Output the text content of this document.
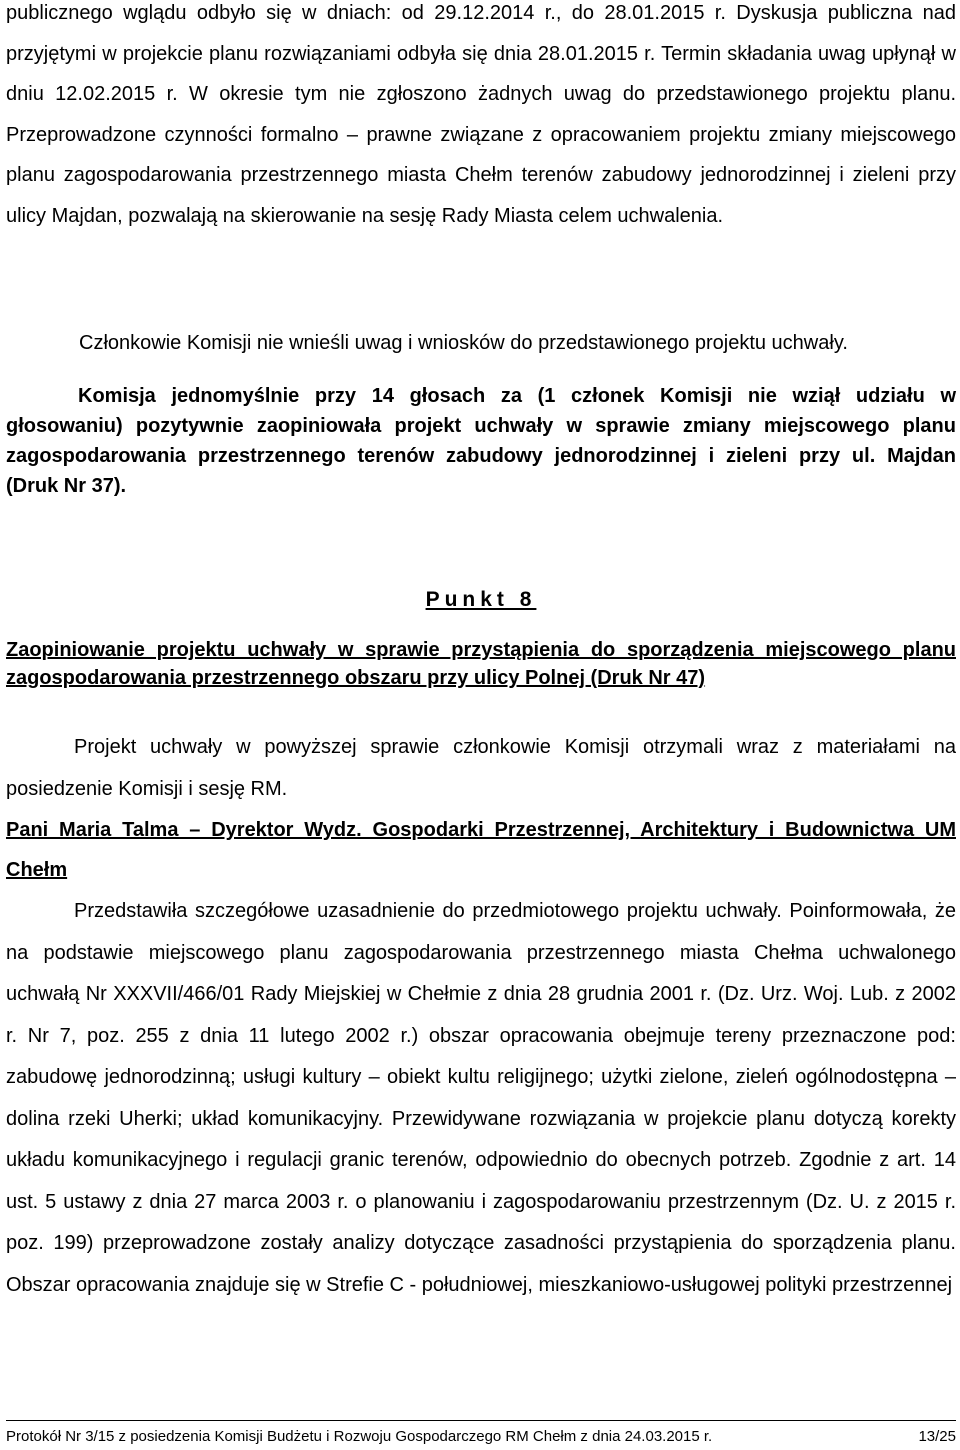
publicznego wglądu odbyło się w dniach: od 29.12.2014 r., do 28.01.2015 r. Dyskusja publiczna nad przyjętymi w projekcie planu rozwiązaniami odbyła się dnia 28.01.2015 r. Termin składania uwag upłynął w dniu 12.02.2015 r. W okresie tym nie zgłoszono żadnych uwag do przedstawionego projektu planu. Przeprowadzone czynności formalno – prawne związane z opracowaniem projektu zmiany miejscowego planu zagospodarowania przestrzennego miasta Chełm terenów zabudowy jednorodzinnej i zieleni przy ulicy Majdan, pozwalają na skierowanie na sesję Rady Miasta celem uchwalenia.

Członkowie Komisji nie wnieśli uwag i wniosków do przedstawionego projektu uchwały.

Komisja jednomyślnie przy 14 głosach za (1 członek Komisji nie wziął udziału w głosowaniu) pozytywnie zaopiniowała projekt uchwały w sprawie zmiany miejscowego planu zagospodarowania przestrzennego terenów zabudowy jednorodzinnej i zieleni przy ul. Majdan (Druk Nr 37).

Punkt 8

Zaopiniowanie projektu uchwały w sprawie przystąpienia do sporządzenia miejscowego planu zagospodarowania przestrzennego obszaru przy ulicy Polnej (Druk Nr 47)

Projekt uchwały w powyższej sprawie członkowie Komisji otrzymali wraz z materiałami na posiedzenie Komisji i sesję RM.

Pani Maria Talma – Dyrektor Wydz. Gospodarki Przestrzennej, Architektury i Budownictwa UM Chełm

Przedstawiła szczegółowe uzasadnienie do przedmiotowego projektu uchwały. Poinformowała, że na podstawie miejscowego planu zagospodarowania przestrzennego miasta Chełma uchwalonego uchwałą Nr XXXVII/466/01 Rady Miejskiej w Chełmie z dnia 28 grudnia 2001 r. (Dz. Urz. Woj. Lub. z 2002 r. Nr 7, poz. 255 z dnia 11 lutego 2002 r.) obszar opracowania obejmuje tereny przeznaczone pod: zabudowę jednorodzinną; usługi kultury – obiekt kultu religijnego; użytki zielone, zieleń ogólnodostępna – dolina rzeki Uherki; układ komunikacyjny. Przewidywane rozwiązania w projekcie planu dotyczą korekty układu komunikacyjnego i regulacji granic terenów, odpowiednio do obecnych potrzeb. Zgodnie z art. 14 ust. 5 ustawy z dnia 27 marca 2003 r. o planowaniu i zagospodarowaniu przestrzennym (Dz. U. z 2015 r. poz. 199) przeprowadzone zostały analizy dotyczące zasadności przystąpienia do sporządzenia planu. Obszar opracowania znajduje się w Strefie C - południowej, mieszkaniowo-usługowej polityki przestrzennej

Protokół Nr 3/15 z posiedzenia Komisji Budżetu i Rozwoju Gospodarczego RM Chełm z dnia 24.03.2015 r.	13/25
